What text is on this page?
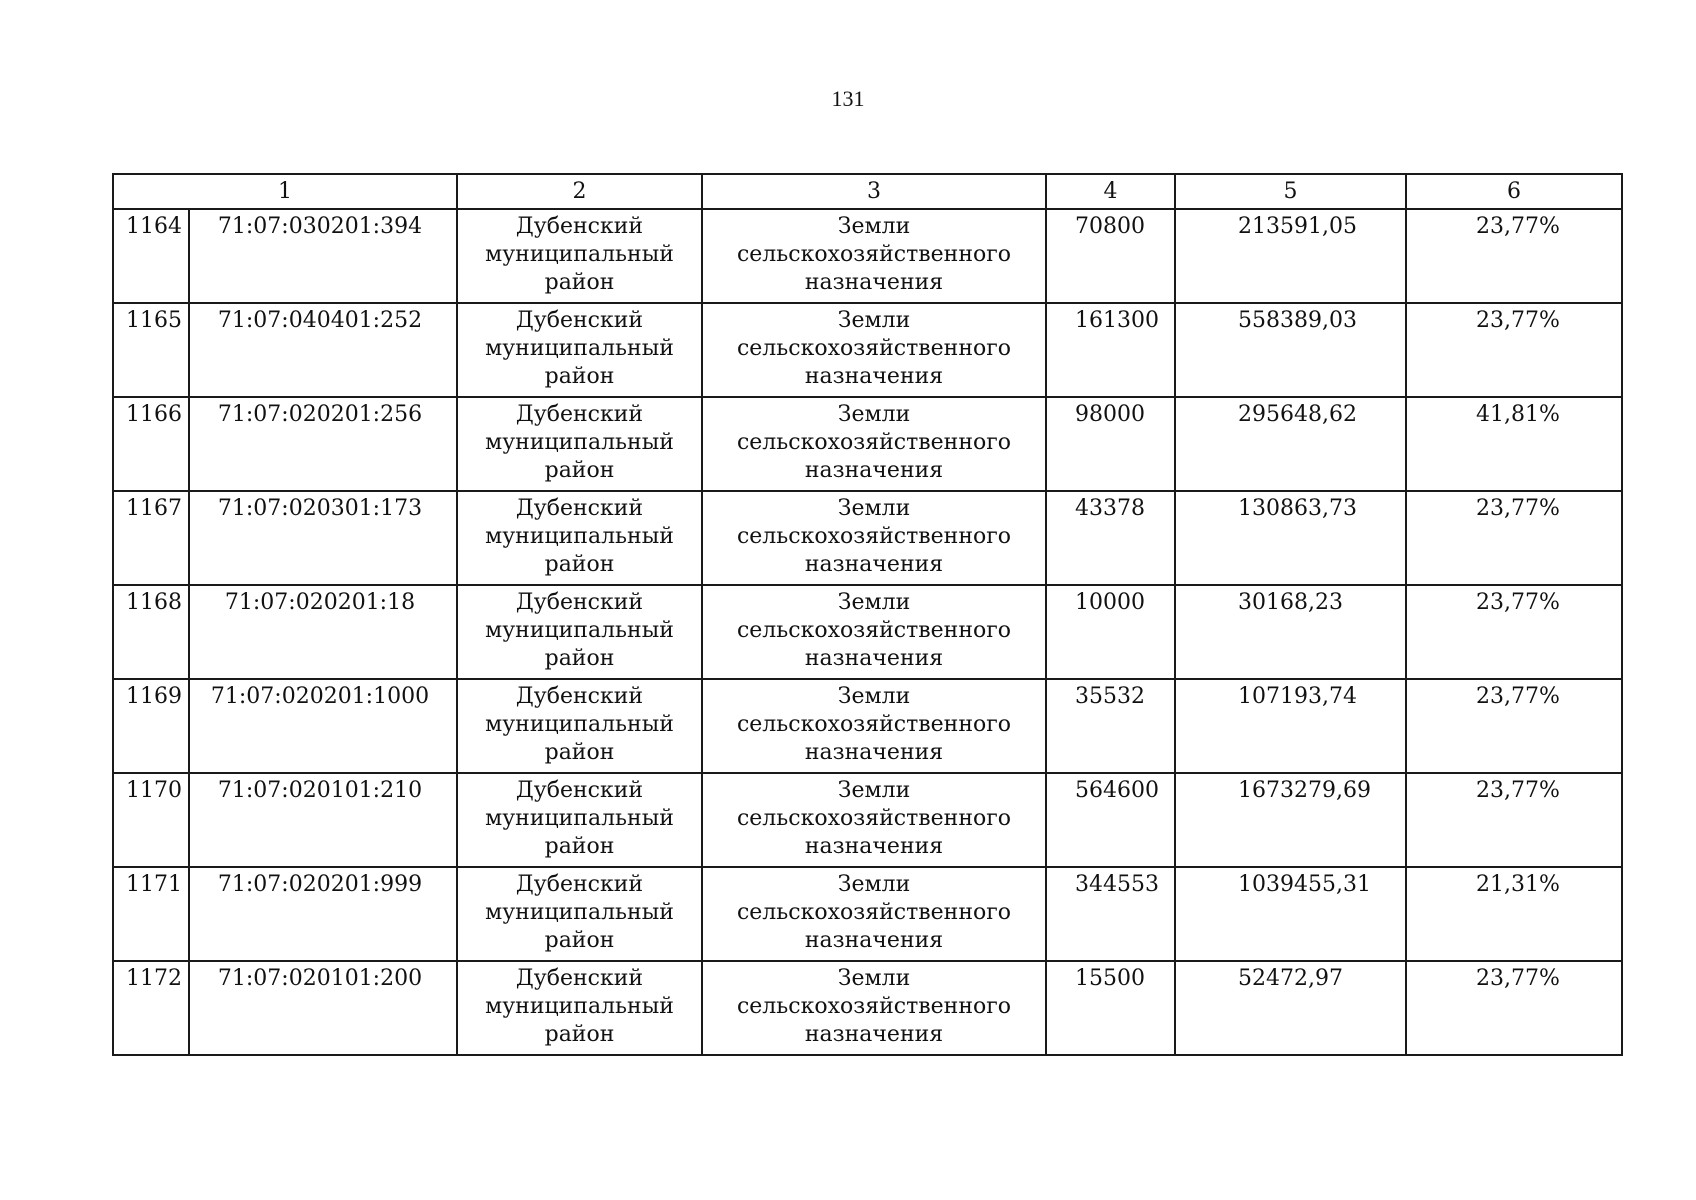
131
1		2	3	4	5	6
1164	71:07:030201:394	Дубенский муниципальный район	Земли сельскохозяйственного назначения	70800	213591,05	23,77%
1165	71:07:040401:252	Дубенский муниципальный район	Земли сельскохозяйственного назначения	161300	558389,03	23,77%
1166	71:07:020201:256	Дубенский муниципальный район	Земли сельскохозяйственного назначения	98000	295648,62	41,81%
1167	71:07:020301:173	Дубенский муниципальный район	Земли сельскохозяйственного назначения	43378	130863,73	23,77%
1168	71:07:020201:18	Дубенский муниципальный район	Земли сельскохозяйственного назначения	10000	30168,23	23,77%
1169	71:07:020201:1000	Дубенский муниципальный район	Земли сельскохозяйственного назначения	35532	107193,74	23,77%
1170	71:07:020101:210	Дубенский муниципальный район	Земли сельскохозяйственного назначения	564600	1673279,69	23,77%
1171	71:07:020201:999	Дубенский муниципальный район	Земли сельскохозяйственного назначения	344553	1039455,31	21,31%
1172	71:07:020101:200	Дубенский муниципальный район	Земли сельскохозяйственного назначения	15500	52472,97	23,77%
